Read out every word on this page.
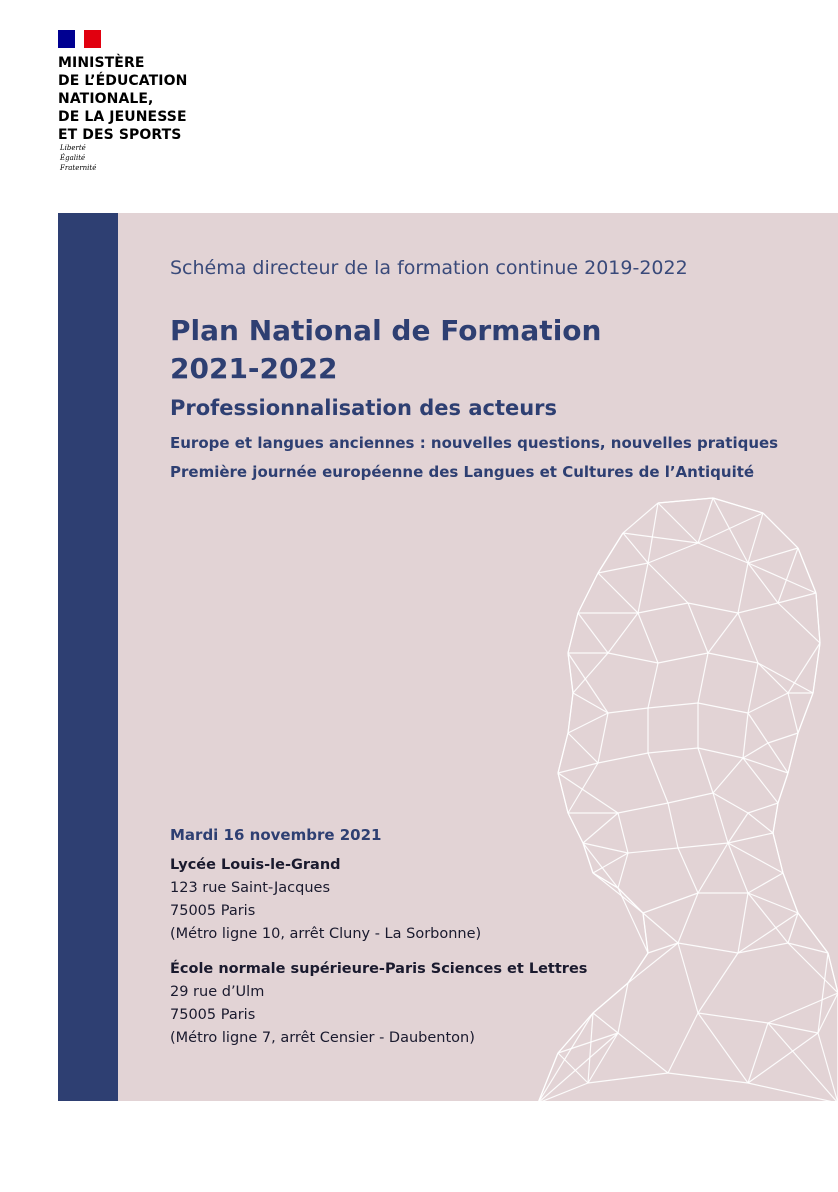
MINISTÈRE
DE L’ÉDUCATION
NATIONALE,
DE LA JEUNESSE
ET DES SPORTS
Liberté
Égalité
Fraternité
Schéma directeur de la formation continue 2019-2022
Plan National de Formation
2021-2022
Professionnalisation des acteurs
Europe et langues anciennes : nouvelles questions, nouvelles pratiques
Première journée européenne des Langues et Cultures de l’Antiquité
Mardi 16 novembre 2021
Lycée Louis-le-Grand
123 rue Saint-Jacques
75005 Paris
(Métro ligne 10, arrêt Cluny - La Sorbonne)
École normale supérieure-Paris Sciences et Lettres
29 rue d’Ulm
75005 Paris
(Métro ligne 7, arrêt Censier - Daubenton)
